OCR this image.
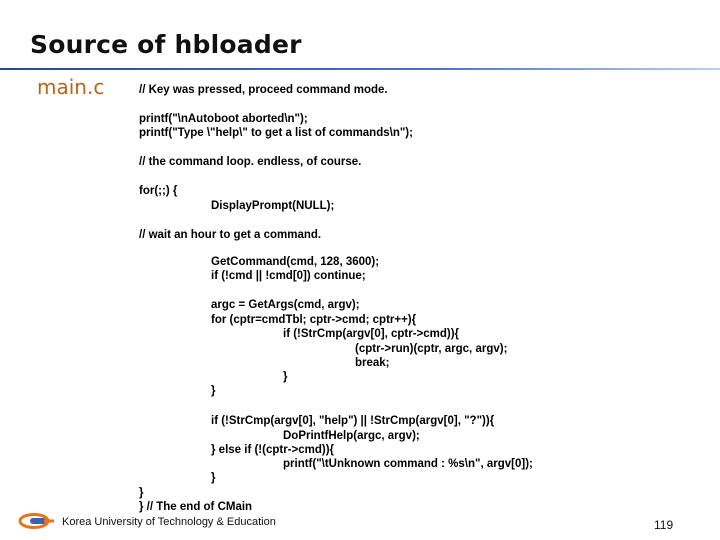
Source of hbloader
main.c	// Key was pressed, proceed command mode.
printf("\nAutoboot aborted\n");
printf("Type \"help\" to get a list of commands\n");
// the command loop. endless, of course.
for(;;) {
DisplayPrompt(NULL);
// wait an hour to get a command.
GetCommand(cmd, 128, 3600);
if (!cmd || !cmd[0]) continue;
argc = GetArgs(cmd, argv);
for (cptr=cmdTbl; cptr->cmd; cptr++){
if (!StrCmp(argv[0], cptr->cmd)){
(cptr->run)(cptr, argc, argv);
break;
}
}
if (!StrCmp(argv[0], "help") || !StrCmp(argv[0], "?")){
DoPrintfHelp(argc, argv);
} else if (!(cptr->cmd)){
printf("\tUnknown command : %s\n", argv[0]);
}
}
} // The end of CMain
Korea University of Technology & Education	119
